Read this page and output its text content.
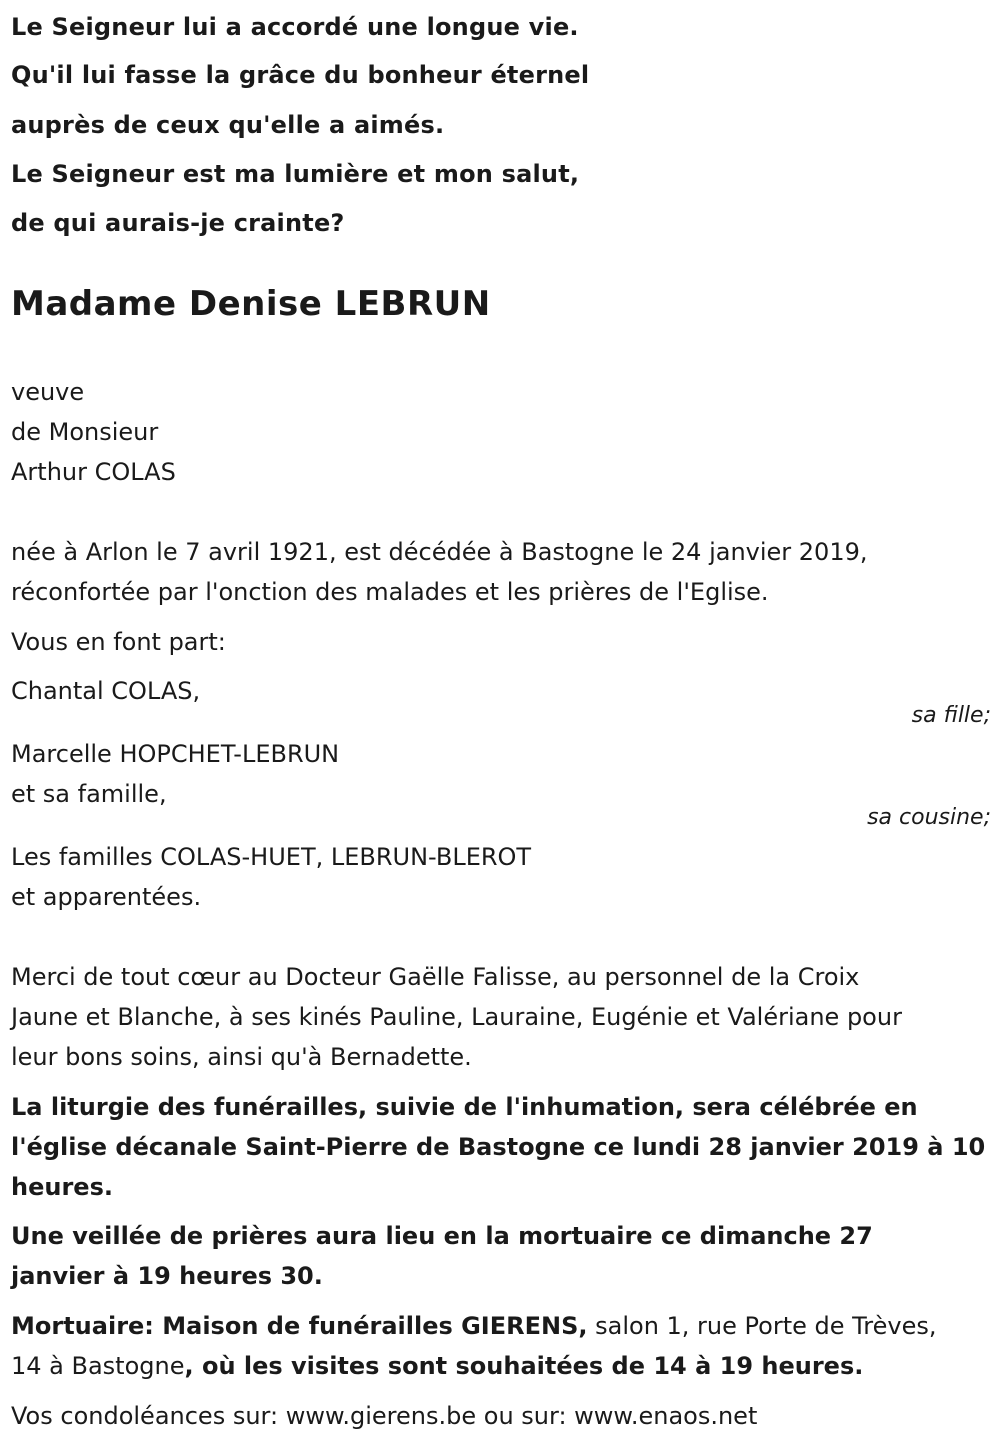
Le Seigneur lui a accordé une longue vie.
Qu'il lui fasse la grâce du bonheur éternel
auprès de ceux qu'elle a aimés.
Le Seigneur est ma lumière et mon salut,
de qui aurais-je crainte?
Madame Denise LEBRUN
veuve
de Monsieur
Arthur COLAS
née à Arlon le 7 avril 1921, est décédée à Bastogne le 24 janvier 2019,
réconfortée par l'onction des malades et les prières de l'Eglise.
Vous en font part:
Chantal COLAS,
sa fille;
Marcelle HOPCHET-LEBRUN
et sa famille,
sa cousine;
Les familles COLAS-HUET, LEBRUN-BLEROT
et apparentées.
Merci de tout cœur au Docteur Gaëlle Falisse, au personnel de la Croix
Jaune et Blanche, à ses kinés Pauline, Lauraine, Eugénie et Valériane pour
leur bons soins, ainsi qu'à Bernadette.
La liturgie des funérailles, suivie de l'inhumation, sera célébrée en
l'église décanale Saint-Pierre de Bastogne ce lundi 28 janvier 2019 à 10
heures.
Une veillée de prières aura lieu en la mortuaire ce dimanche 27
janvier à 19 heures 30.
Mortuaire: Maison de funérailles GIERENS, salon 1, rue Porte de Trèves,
14 à Bastogne, où les visites sont souhaitées de 14 à 19 heures.
Vos condoléances sur: www.gierens.be ou sur: www.enaos.net
